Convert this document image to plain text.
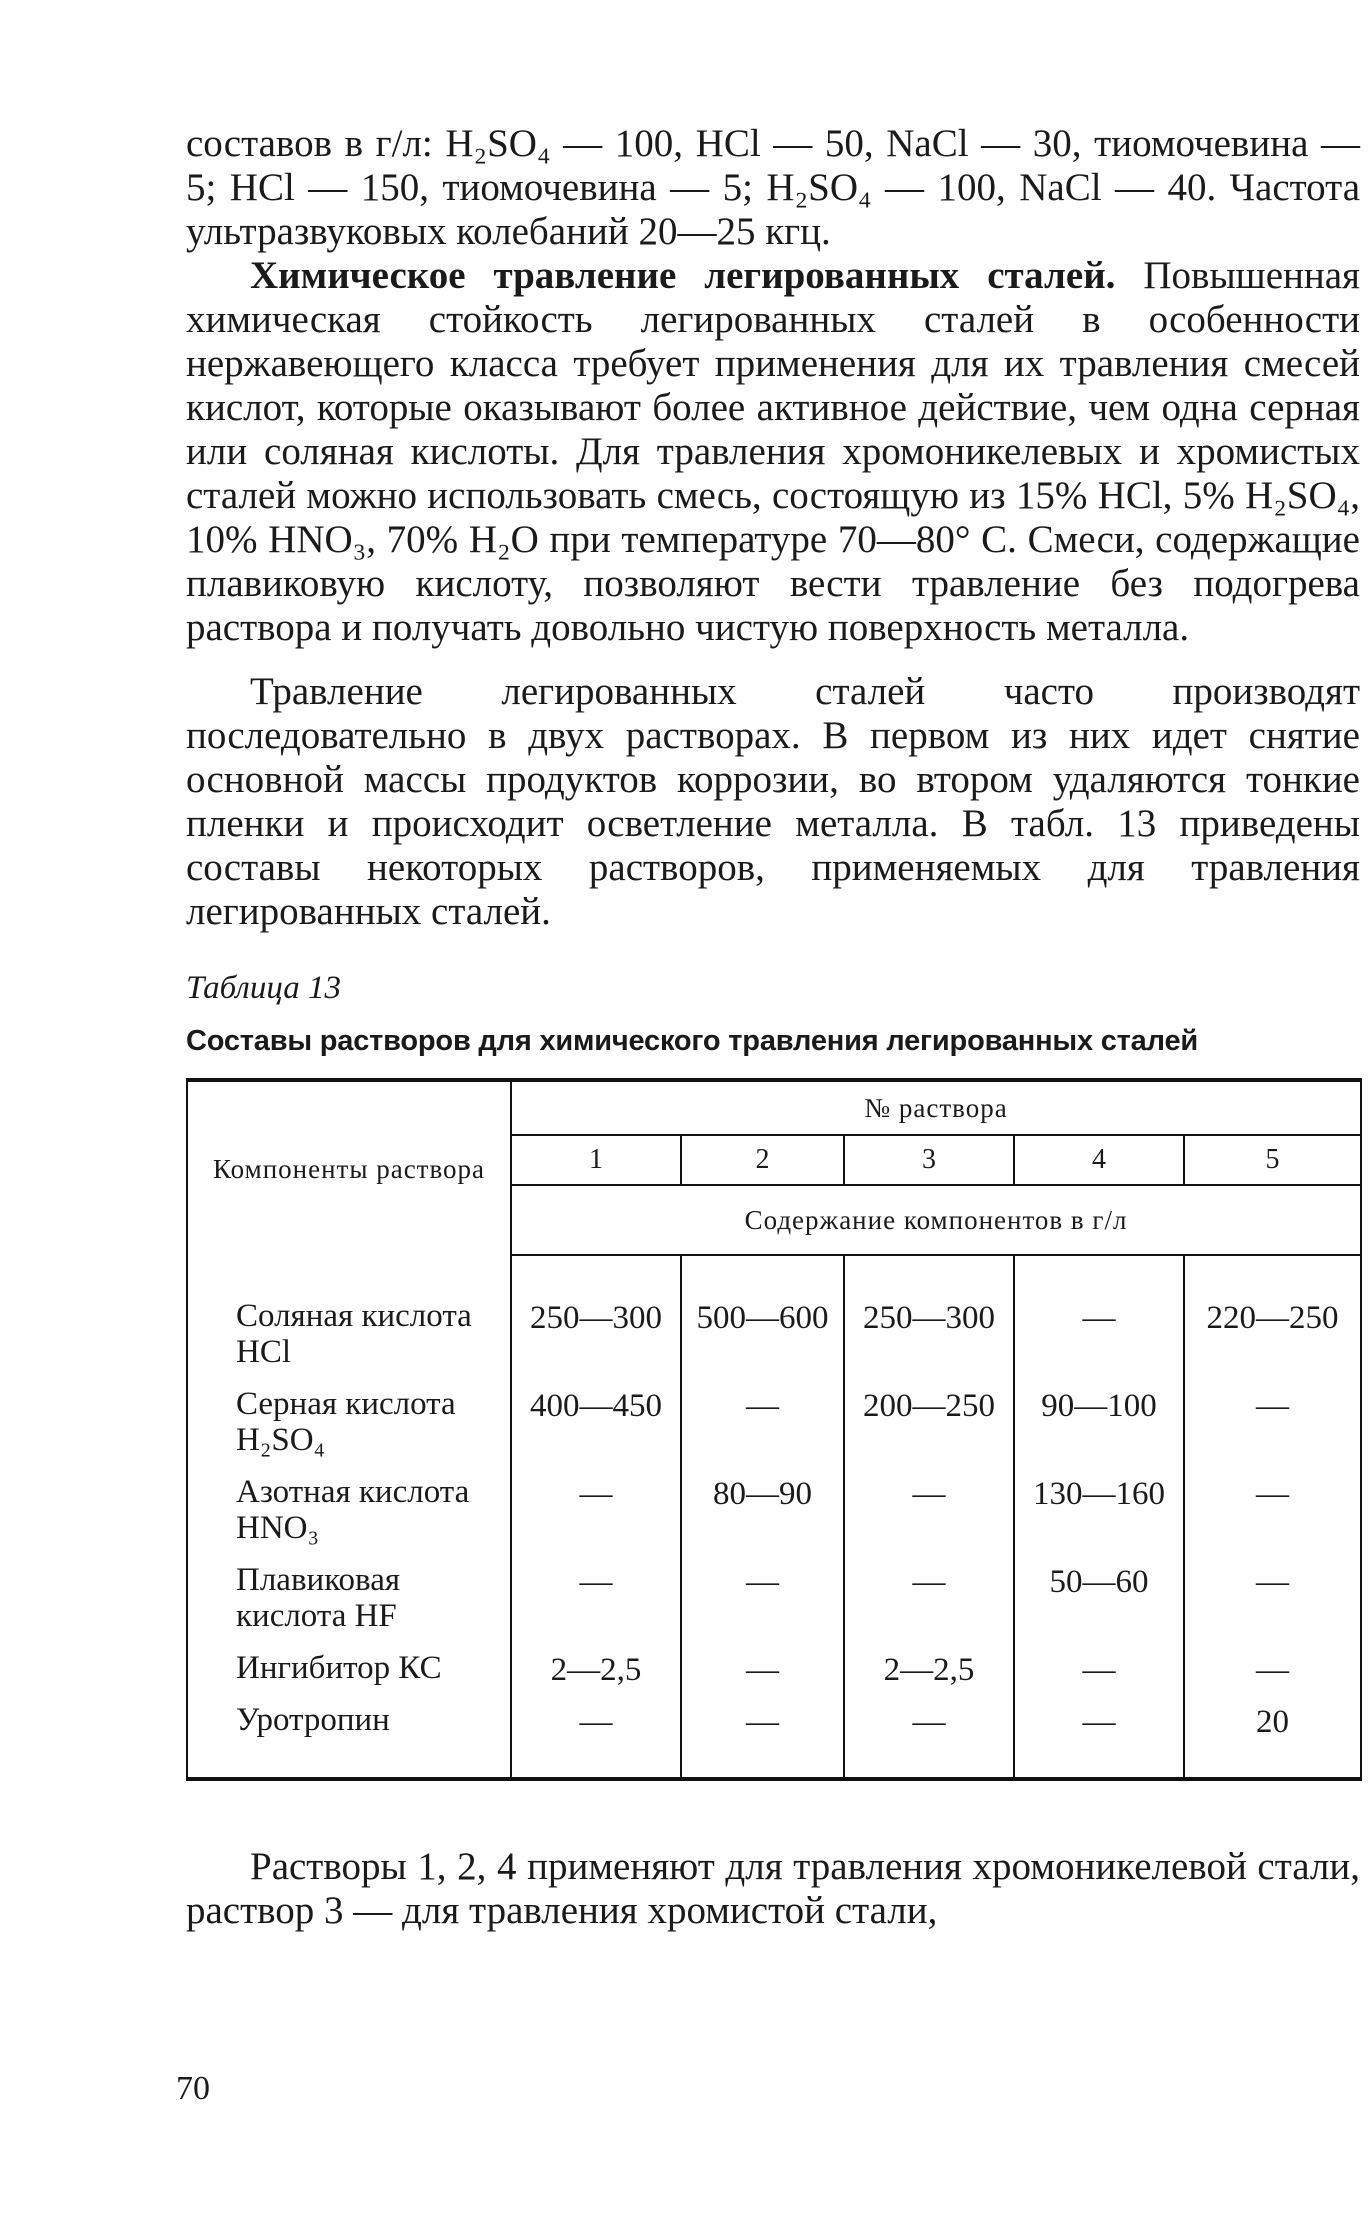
составов в г/л: H₂SO₄ — 100, HCl — 50, NaCl — 30, тиомочевина — 5; HCl — 150, тиомочевина — 5; H₂SO₄ — 100, NaCl — 40. Частота ультразвуковых колебаний 20—25 кгц.

Химическое травление легированных сталей. Повышенная химическая стойкость легированных сталей в особенности нержавеющего класса требует применения для их травления смесей кислот, которые оказывают более активное действие, чем одна серная или соляная кислоты. Для травления хромоникелевых и хромистых сталей можно использовать смесь, состоящую из 15% HCl, 5% H₂SO₄, 10% HNO₃, 70% H₂O при температуре 70—80° С. Смеси, содержащие плавиковую кислоту, позволяют вести травление без подогрева раствора и получать довольно чистую поверхность металла.

Травление легированных сталей часто производят последовательно в двух растворах. В первом из них идет снятие основной массы продуктов коррозии, во втором удаляются тонкие пленки и происходит осветление металла. В табл. 13 приведены составы некоторых растворов, применяемых для травления легированных сталей.

Таблица 13

Составы растворов для химического травления легированных сталей

Компоненты раствора	№ раствора				
	1	2	3	4	5
	Содержание компонентов в г/л				

Соляная кислота HCl	250—300	500—600	250—300	—	220—250
Серная кислота H₂SO₄	400—450	—	200—250	90—100	—
Азотная кислота HNO₃	—	80—90	—	130—160	—
Плавиковая кислота HF	—	—	—	50—60	—
Ингибитор КС	2—2,5	—	2—2,5	—	—
Уротропин	—	—	—	—	20

Растворы 1, 2, 4 применяют для травления хромоникелевой стали, раствор 3 — для травления хромистой стали,

70
